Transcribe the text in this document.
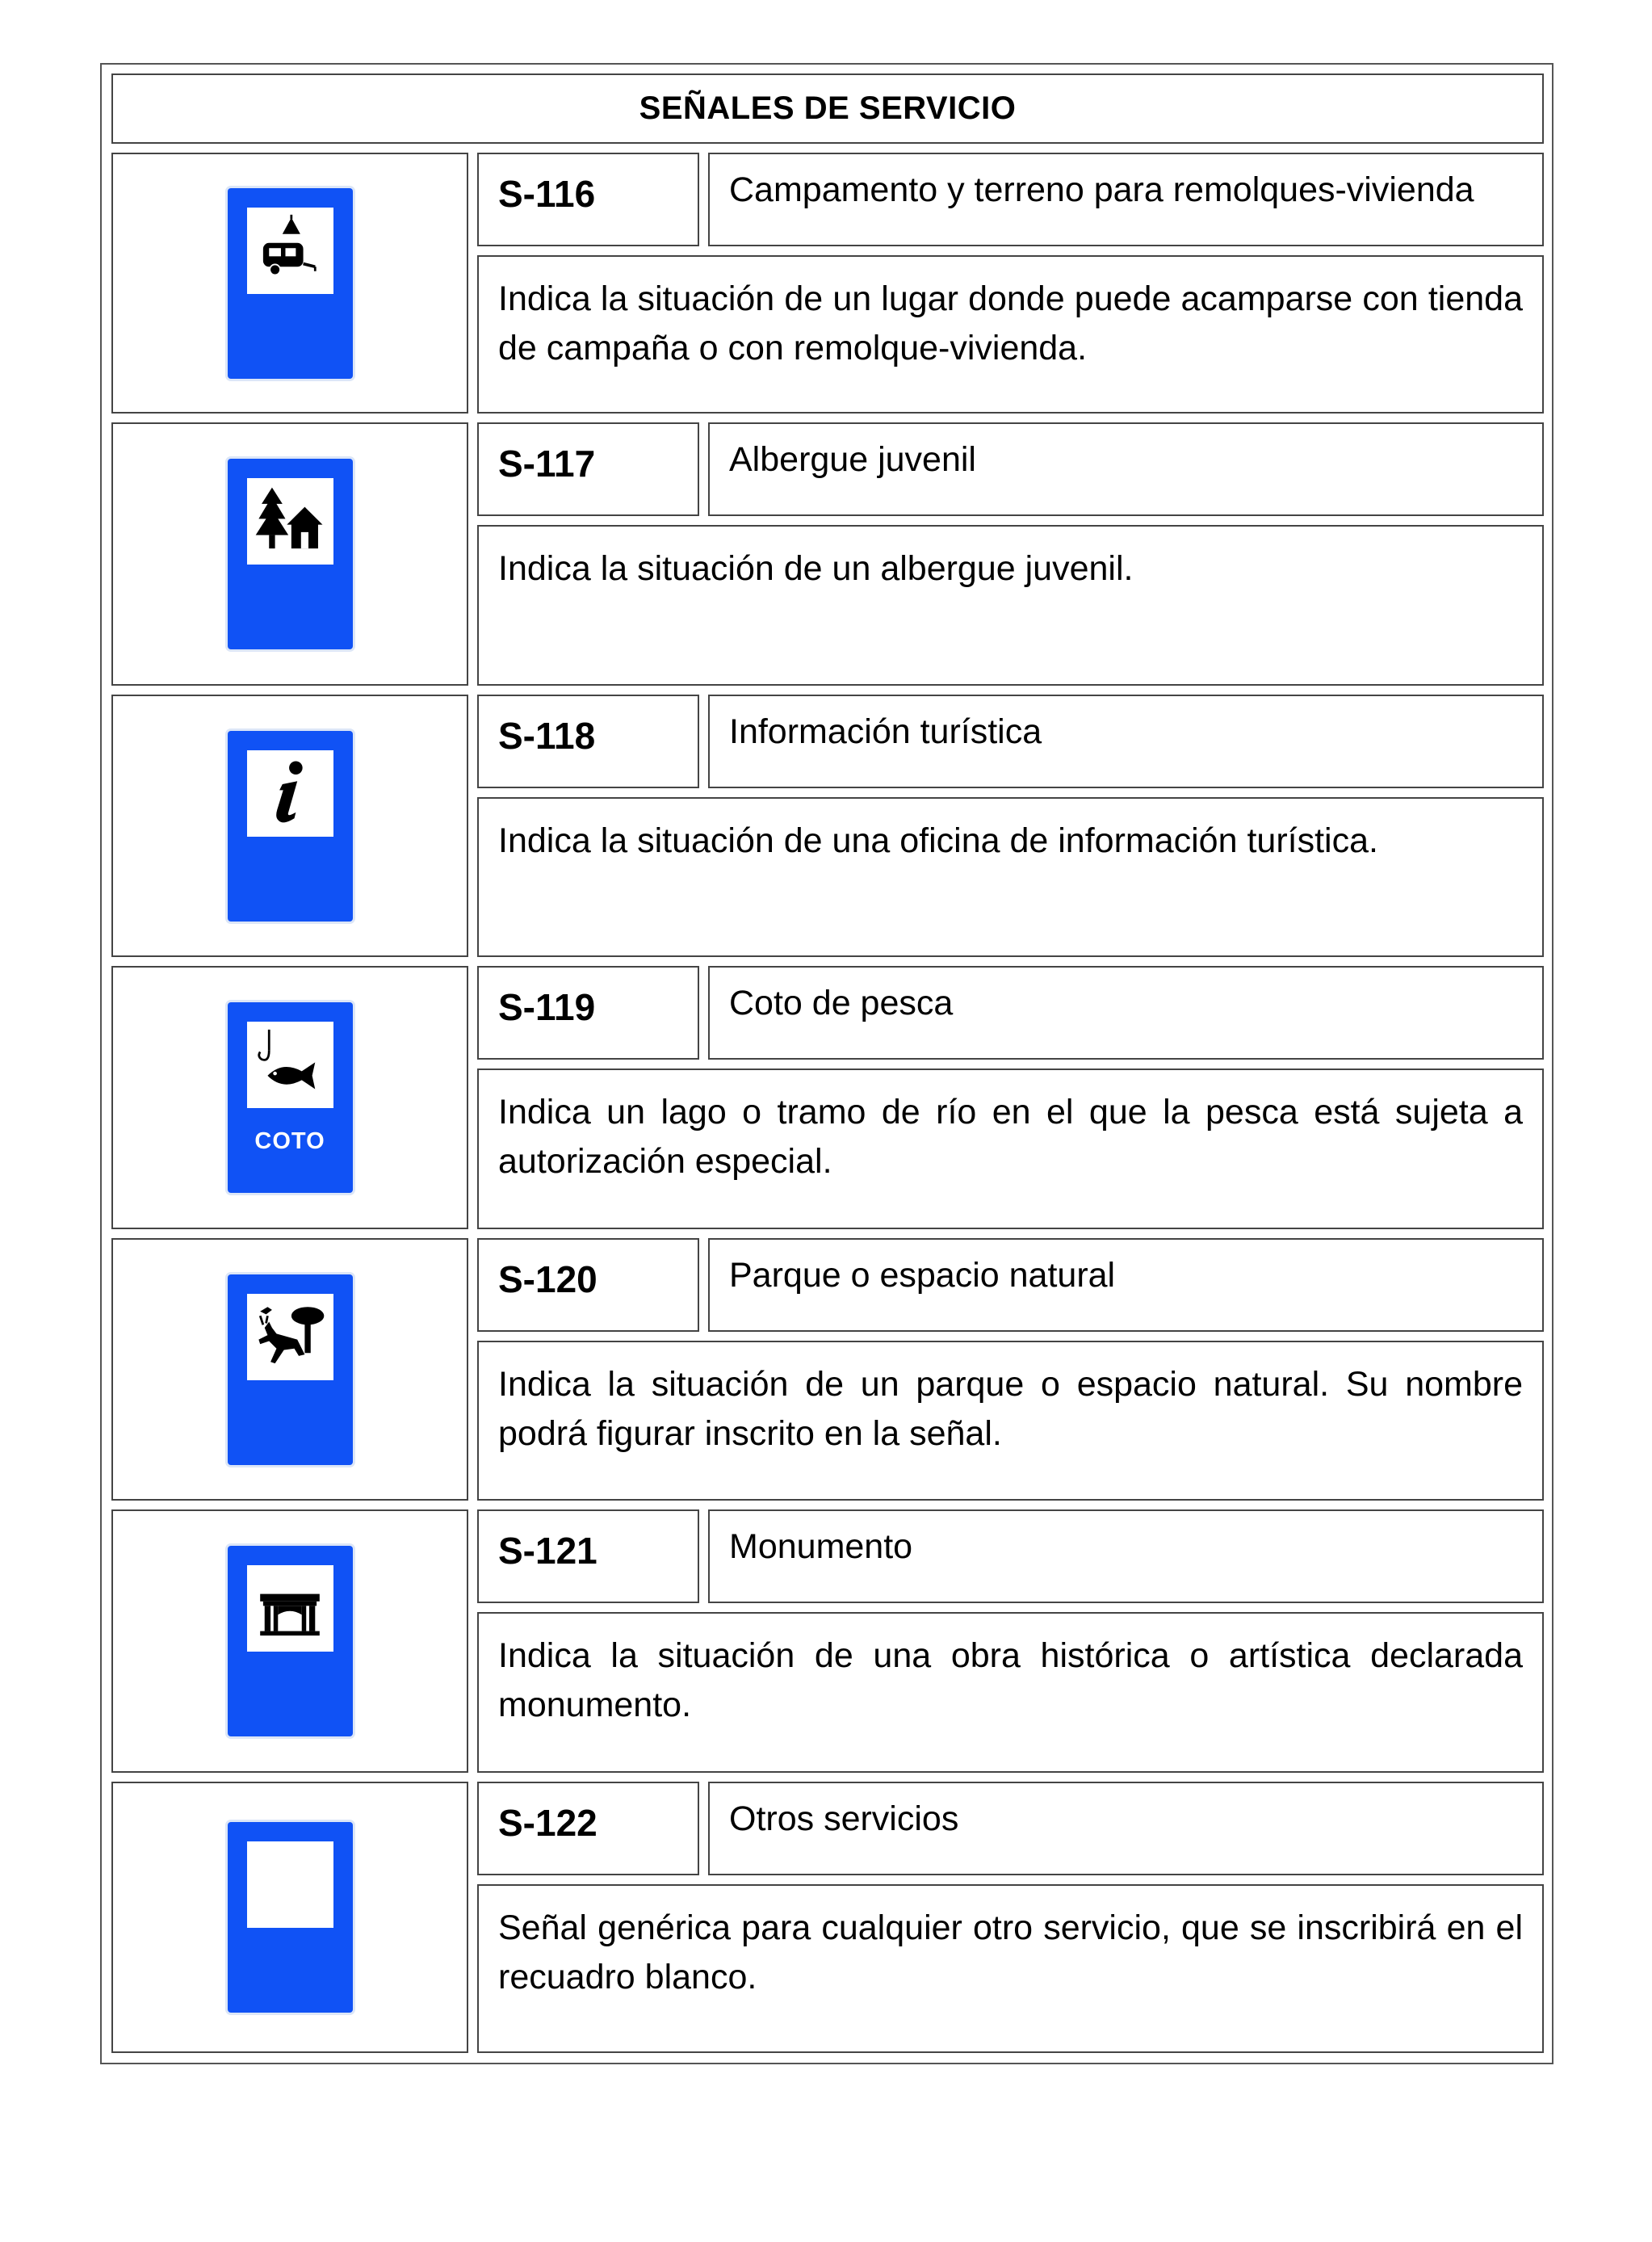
SEÑALES DE SERVICIO
S-116	Campamento y terreno para remolques-vivienda
Indica la situación de un lugar donde puede acamparse con tienda de campaña o con remolque-vivienda.
S-117	Albergue juvenil
Indica la situación de un albergue juvenil.
S-118	Información turística
Indica la situación de una oficina de información turística.
COTO
S-119	Coto de pesca
Indica un lago o tramo de río en el que la pesca está sujeta a autorización especial.
S-120	Parque o espacio natural
Indica la situación de un parque o espacio natural. Su nombre podrá figurar inscrito en la señal.
S-121	Monumento
Indica la situación de una obra histórica o artística declarada monumento.
S-122	Otros servicios
Señal genérica para cualquier otro servicio, que se inscribirá en el recuadro blanco.
